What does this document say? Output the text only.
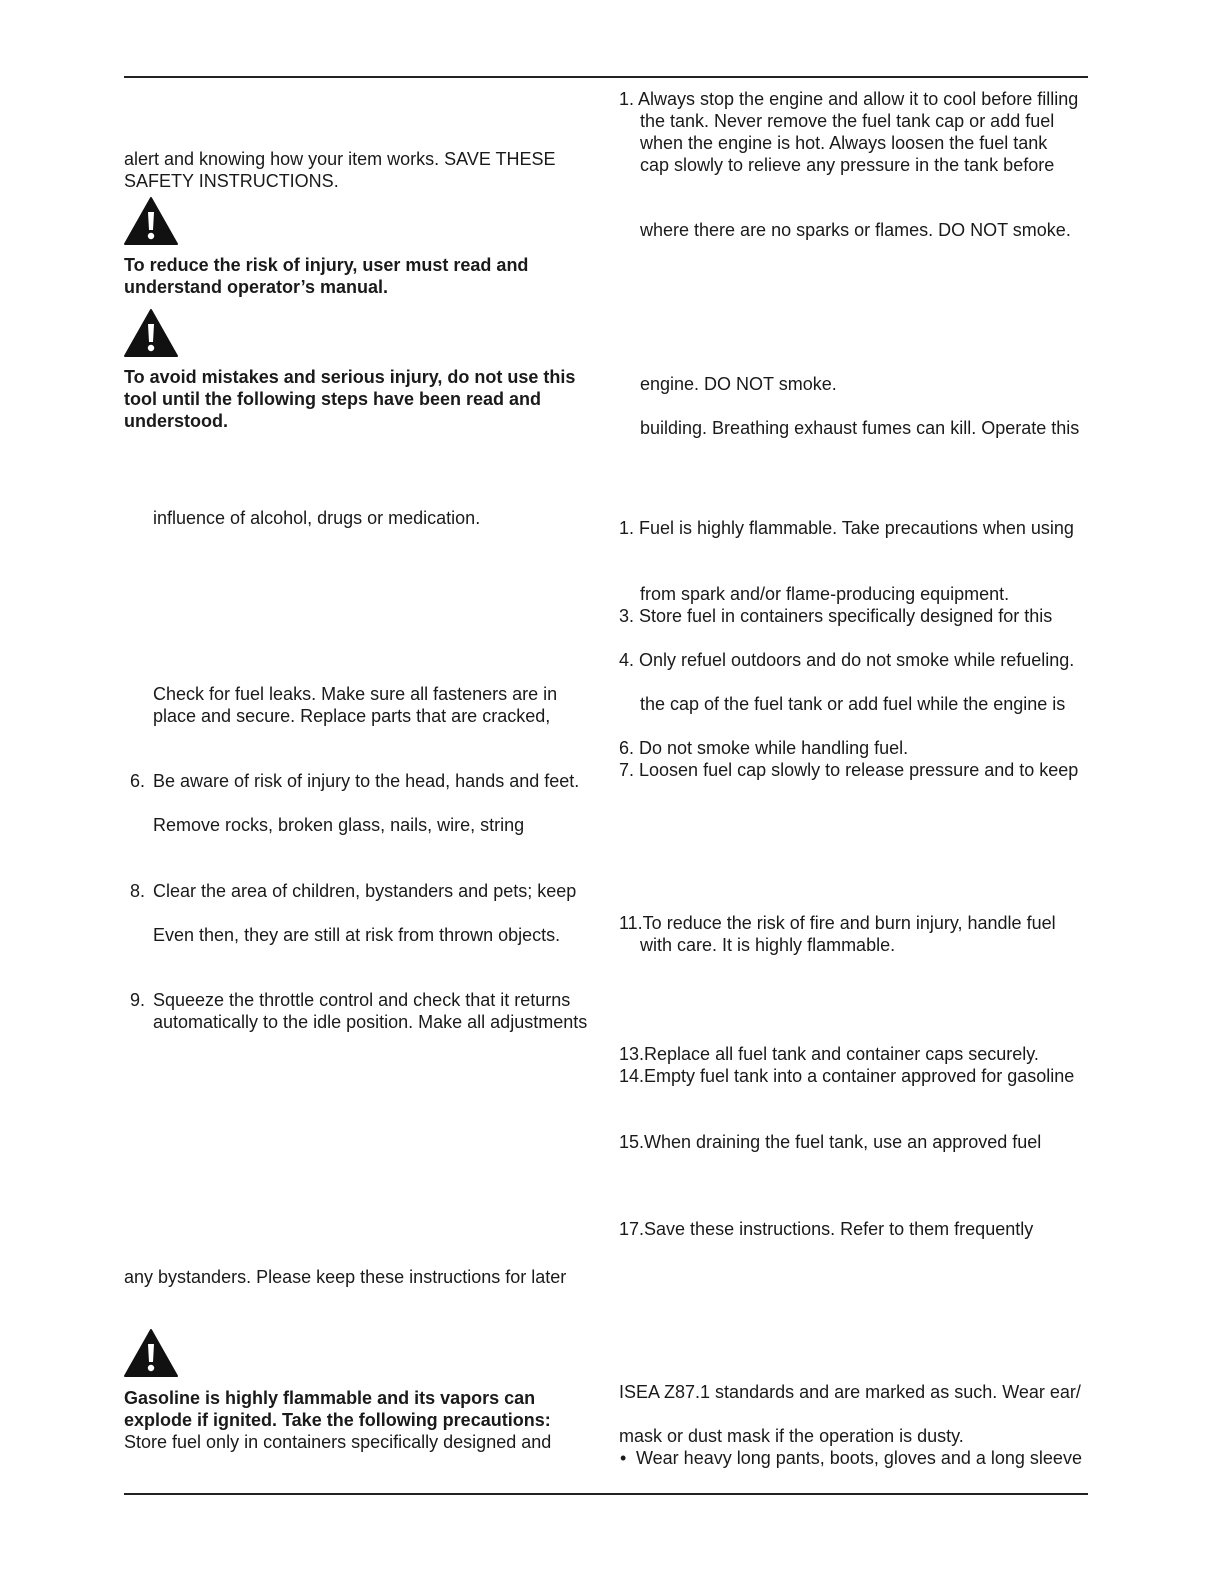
alert and knowing how your item works. SAVE THESE
SAFETY INSTRUCTIONS.
To reduce the risk of injury, user must read and
understand operator’s manual.
To avoid mistakes and serious injury, do not use this
tool until the following steps have been read and
understood.
influence of alcohol, drugs or medication.
Check for fuel leaks. Make sure all fasteners are in
place and secure. Replace parts that are cracked,
6. Be aware of risk of injury to the head, hands and feet.
Remove rocks, broken glass, nails, wire, string
8. Clear the area of children, bystanders and pets; keep
Even then, they are still at risk from thrown objects.
9. Squeeze the throttle control and check that it returns
automatically to the idle position. Make all adjustments
any bystanders. Please keep these instructions for later
Gasoline is highly flammable and its vapors can
explode if ignited. Take the following precautions:
Store fuel only in containers specifically designed and
1. Always stop the engine and allow it to cool before filling
the tank. Never remove the fuel tank cap or add fuel
when the engine is hot. Always loosen the fuel tank
cap slowly to relieve any pressure in the tank before
where there are no sparks or flames. DO NOT smoke.
engine. DO NOT smoke.
building. Breathing exhaust fumes can kill. Operate this
1. Fuel is highly flammable. Take precautions when using
from spark and/or flame-producing equipment.
3. Store fuel in containers specifically designed for this
4. Only refuel outdoors and do not smoke while refueling.
the cap of the fuel tank or add fuel while the engine is
6. Do not smoke while handling fuel.
7. Loosen fuel cap slowly to release pressure and to keep
11.To reduce the risk of fire and burn injury, handle fuel
with care. It is highly flammable.
13.Replace all fuel tank and container caps securely.
14.Empty fuel tank into a container approved for gasoline
15.When draining the fuel tank, use an approved fuel
17.Save these instructions. Refer to them frequently
ISEA Z87.1 standards and are marked as such. Wear ear/
mask or dust mask if the operation is dusty.
• Wear heavy long pants, boots, gloves and a long sleeve
